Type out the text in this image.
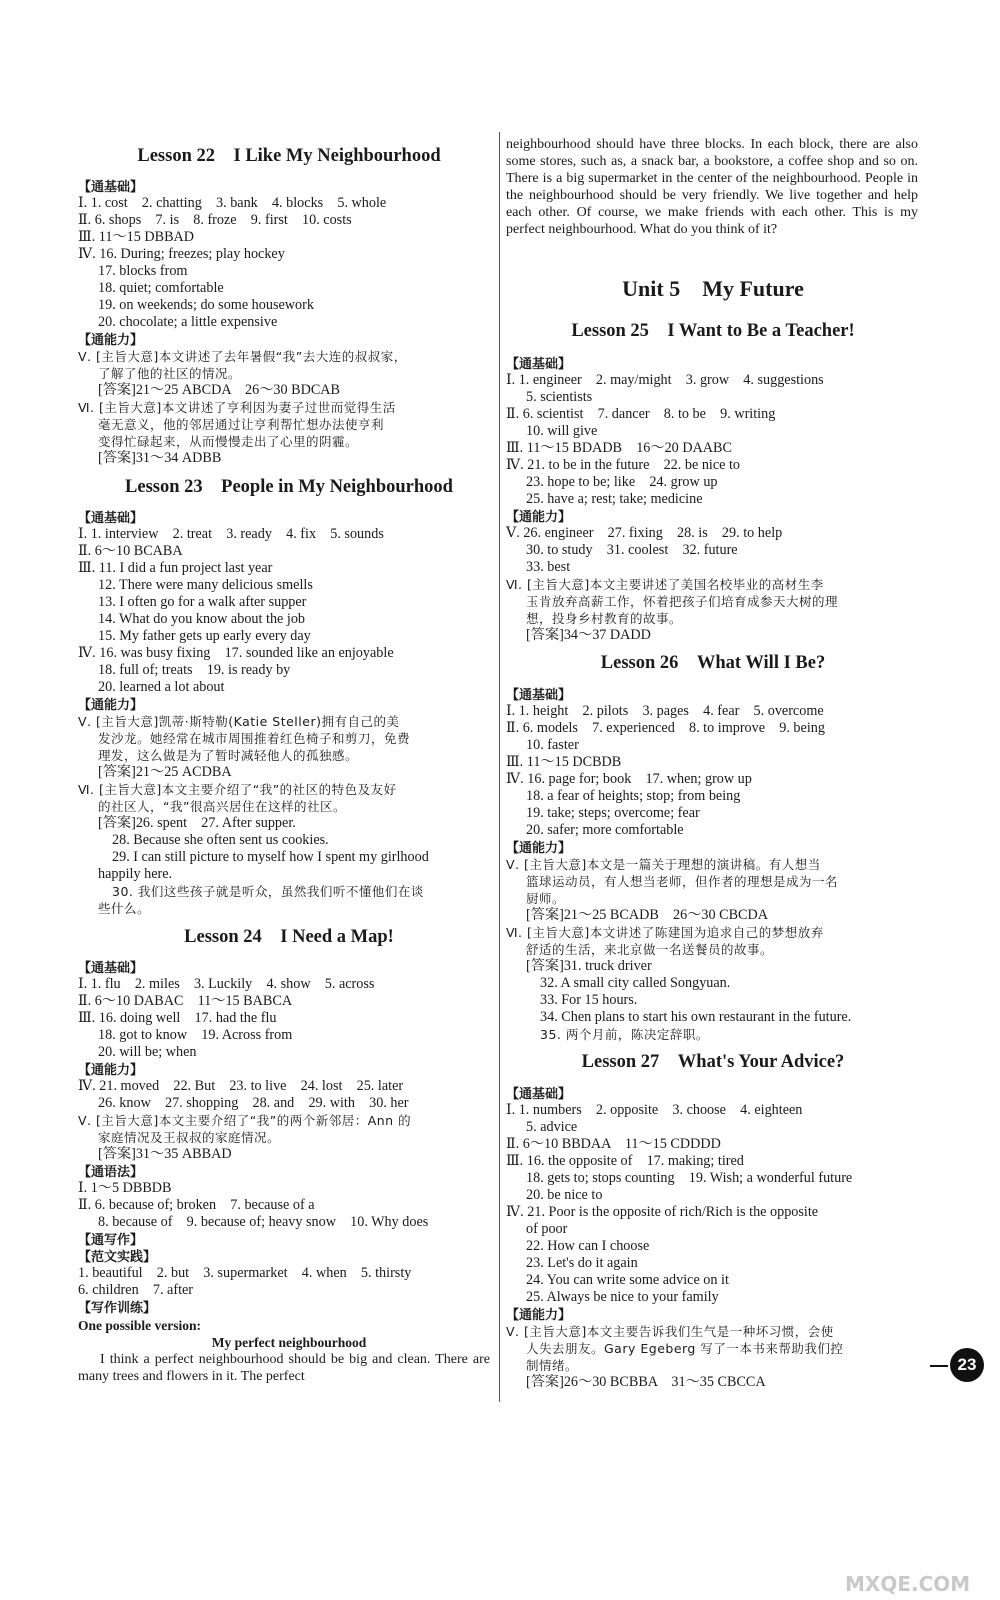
Lesson 22　I Like My Neighbourhood
【通基础】
Ⅰ. 1. cost　2. chatting　3. bank　4. blocks　5. whole
Ⅱ. 6. shops　7. is　8. froze　9. first　10. costs
Ⅲ. 11～15 DBBAD
Ⅳ. 16. During; freezes; play hockey
17. blocks from
18. quiet; comfortable
19. on weekends; do some housework
20. chocolate; a little expensive
【通能力】
Ⅴ. [主旨大意]本文讲述了去年暑假“我”去大连的叔叔家，
了解了他的社区的情况。
[答案]21～25 ABCDA　26～30 BDCAB
Ⅵ. [主旨大意]本文讲述了亨利因为妻子过世而觉得生活
毫无意义，他的邻居通过让亨利帮忙想办法使亨利
变得忙碌起来，从而慢慢走出了心里的阴霾。
[答案]31～34 ADBB
Lesson 23　People in My Neighbourhood
【通基础】
Ⅰ. 1. interview　2. treat　3. ready　4. fix　5. sounds
Ⅱ. 6～10 BCABA
Ⅲ. 11. I did a fun project last year
12. There were many delicious smells
13. I often go for a walk after supper
14. What do you know about the job
15. My father gets up early every day
Ⅳ. 16. was busy fixing　17. sounded like an enjoyable
18. full of; treats　19. is ready by
20. learned a lot about
【通能力】
Ⅴ. [主旨大意]凯蒂·斯特勒(Katie Steller)拥有自己的美
发沙龙。她经常在城市周围推着红色椅子和剪刀，免费
理发，这么做是为了暂时减轻他人的孤独感。
[答案]21～25 ACDBA
Ⅵ. [主旨大意]本文主要介绍了“我”的社区的特色及友好
的社区人，“我”很高兴居住在这样的社区。
[答案]26. spent　27. After supper.
28. Because she often sent us cookies.
29. I can still picture to myself how I spent my girlhood
happily here.
30. 我们这些孩子就是听众，虽然我们听不懂他们在谈
些什么。
Lesson 24　I Need a Map!
【通基础】
Ⅰ. 1. flu　2. miles　3. Luckily　4. show　5. across
Ⅱ. 6～10 DABAC　11～15 BABCA
Ⅲ. 16. doing well　17. had the flu
18. got to know　19. Across from
20. will be; when
【通能力】
Ⅳ. 21. moved　22. But　23. to live　24. lost　25. later
26. know　27. shopping　28. and　29. with　30. her
Ⅴ. [主旨大意]本文主要介绍了“我”的两个新邻居：Ann 的
家庭情况及王叔叔的家庭情况。
[答案]31～35 ABBAD
【通语法】
Ⅰ. 1～5 DBBDB
Ⅱ. 6. because of; broken　7. because of a
8. because of　9. because of; heavy snow　10. Why does
【通写作】
【范文实践】
1. beautiful　2. but　3. supermarket　4. when　5. thirsty
6. children　7. after
【写作训练】
One possible version:
My perfect neighbourhood
I think a perfect neighbourhood should be big and clean. There are many trees and flowers in it. The perfect
neighbourhood should have three blocks. In each block, there are also some stores, such as, a snack bar, a bookstore, a coffee shop and so on. There is a big supermarket in the center of the neighbourhood. People in the neighbourhood should be very friendly. We live together and help each other. Of course, we make friends with each other. This is my perfect neighbourhood. What do you think of it?
Unit 5　My Future
Lesson 25　I Want to Be a Teacher!
【通基础】
Ⅰ. 1. engineer　2. may/might　3. grow　4. suggestions
5. scientists
Ⅱ. 6. scientist　7. dancer　8. to be　9. writing
10. will give
Ⅲ. 11～15 BDADB　16～20 DAABC
Ⅳ. 21. to be in the future　22. be nice to
23. hope to be; like　24. grow up
25. have a; rest; take; medicine
【通能力】
Ⅴ. 26. engineer　27. fixing　28. is　29. to help
30. to study　31. coolest　32. future
33. best
Ⅵ. [主旨大意]本文主要讲述了美国名校毕业的高材生李
玉肯放弃高薪工作，怀着把孩子们培育成参天大树的理
想，投身乡村教育的故事。
[答案]34～37 DADD
Lesson 26　What Will I Be?
【通基础】
Ⅰ. 1. height　2. pilots　3. pages　4. fear　5. overcome
Ⅱ. 6. models　7. experienced　8. to improve　9. being
10. faster
Ⅲ. 11～15 DCBDB
Ⅳ. 16. page for; book　17. when; grow up
18. a fear of heights; stop; from being
19. take; steps; overcome; fear
20. safer; more comfortable
【通能力】
Ⅴ. [主旨大意]本文是一篇关于理想的演讲稿。有人想当
篮球运动员，有人想当老师，但作者的理想是成为一名
厨师。
[答案]21～25 BCADB　26～30 CBCDA
Ⅵ. [主旨大意]本文讲述了陈建国为追求自己的梦想放弃
舒适的生活，来北京做一名送餐员的故事。
[答案]31. truck driver
32. A small city called Songyuan.
33. For 15 hours.
34. Chen plans to start his own restaurant in the future.
35. 两个月前，陈决定辞职。
Lesson 27　What's Your Advice?
【通基础】
Ⅰ. 1. numbers　2. opposite　3. choose　4. eighteen
5. advice
Ⅱ. 6～10 BBDAA　11～15 CDDDD
Ⅲ. 16. the opposite of　17. making; tired
18. gets to; stops counting　19. Wish; a wonderful future
20. be nice to
Ⅳ. 21. Poor is the opposite of rich/Rich is the opposite
of poor
22. How can I choose
23. Let's do it again
24. You can write some advice on it
25. Always be nice to your family
【通能力】
Ⅴ. [主旨大意]本文主要告诉我们生气是一种坏习惯，会使
人失去朋友。Gary Egeberg 写了一本书来帮助我们控
制情绪。
[答案]26～30 BCBBA　31～35 CBCCA
23
MXQE.COM
